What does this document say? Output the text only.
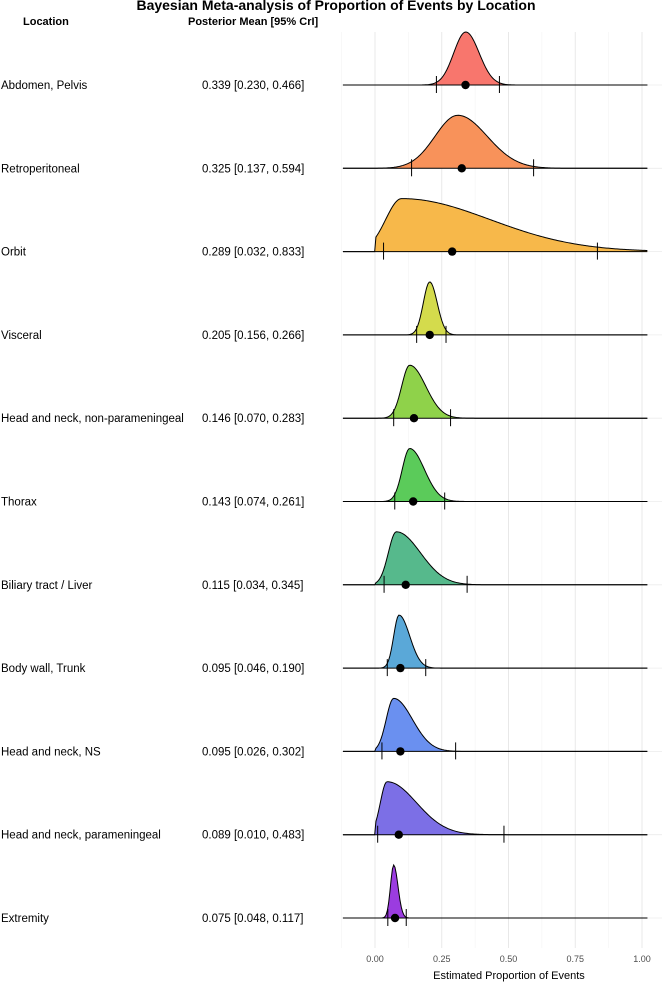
Bayesian Meta-analysis of Proportion of Events by Location
Location	Posterior Mean [95% CrI]
Abdomen, Pelvis	0.339 [0.230, 0.466]
Retroperitoneal	0.325 [0.137, 0.594]
Orbit	0.289 [0.032, 0.833]
Visceral	0.205 [0.156, 0.266]
Head and neck, non-parameningeal 0.146 [0.070, 0.283]
Thorax	0.143 [0.074, 0.261]
Biliary tract / Liver	0.115 [0.034, 0.345]
Body wall, Trunk	0.095 [0.046, 0.190]
Head and neck, NS	0.095 [0.026, 0.302]
Head and neck, parameningeal	0.089 [0.010, 0.483]
Extremity	0.075 [0.048, 0.117]
0.00	0.25	0.50	0.75	1.00
Estimated Proportion of Events
